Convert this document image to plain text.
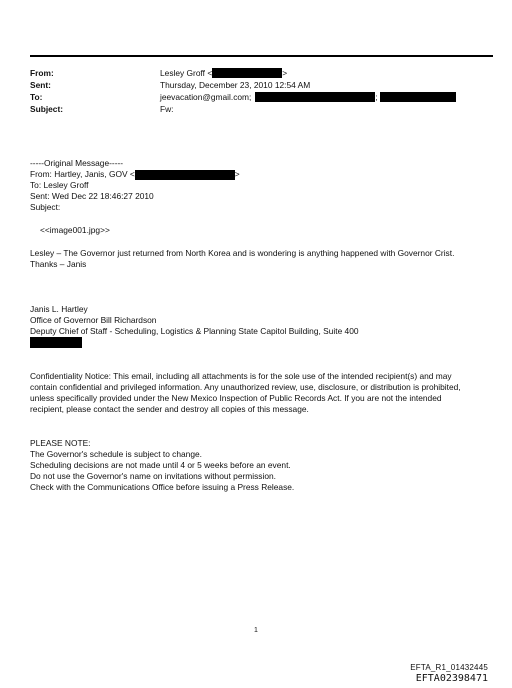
From:	Lesley Groff <	>
Sent:	Thursday, December 23, 2010 12:54 AM
To:	jeevacation@gmail.com;	;
Subject:	Fw:
-----Original Message-----
From: Hartley, Janis, GOV <	>
To: Lesley Groff
Sent: Wed Dec 22 18:46:27 2010
Subject:
<<image001.jpg>>
Lesley – The Governor just returned from North Korea and is wondering is anything happened with Governor Crist.
Thanks – Janis
Janis L. Hartley
Office of Governor Bill Richardson
Deputy Chief of Staff - Scheduling, Logistics & Planning State Capitol Building, Suite 400
Confidentiality Notice: This email, including all attachments is for the sole use of the intended recipient(s) and may
contain confidential and privileged information. Any unauthorized review, use, disclosure, or distribution is prohibited,
unless specifically provided under the New Mexico Inspection of Public Records Act. If you are not the intended
recipient, please contact the sender and destroy all copies of this message.
PLEASE NOTE:
The Governor's schedule is subject to change.
Scheduling decisions are not made until 4 or 5 weeks before an event.
Do not use the Governor's name on invitations without permission.
Check with the Communications Office before issuing a Press Release.
1
EFTA_R1_01432445
EFTA02398471
